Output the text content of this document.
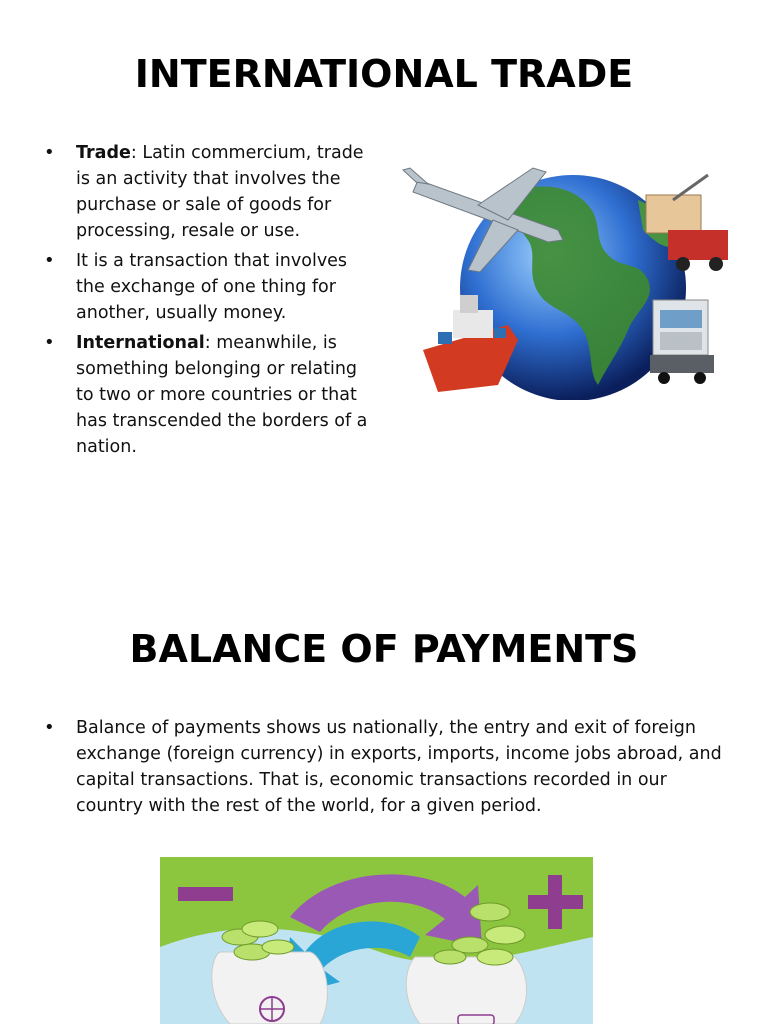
INTERNATIONAL TRADE
• Trade: Latin commercium, trade is an activity that involves the purchase or sale of goods for processing, resale or use.
• It is a transaction that involves the exchange of one thing for another, usually money.
• International: meanwhile, is something belonging or relating to two or more countries or that has transcended the borders of a nation.
BALANCE OF PAYMENTS
• Balance of payments shows us nationally, the entry and exit of foreign exchange (foreign currency) in exports, imports, income jobs abroad, and capital transactions. That is, economic transactions recorded in our country with the rest of the world, for a given period.
